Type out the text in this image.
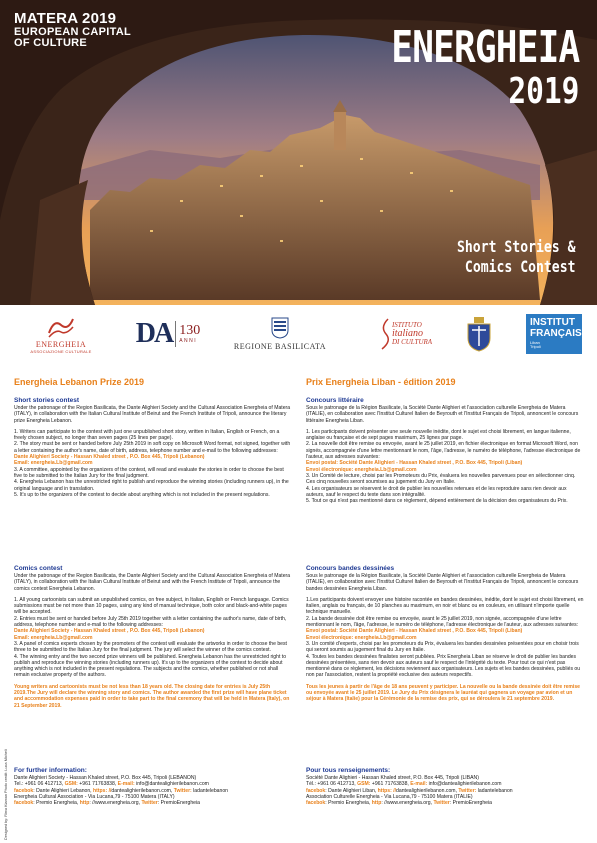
MATERA 2019
EUROPEAN CAPITAL
OF CULTURE	ENERGHEIA
2019
Short Stories &
Comics Contest
ENERGHEIA
ASSOCIAZIONE CULTURALE
DA 130
ANNI
REGIONE BASILICATA
ISTITUTO
italiano
DI CULTURA
INSTITUT
FRANÇAIS
Liban
Tripoli
Energheia Lebanon Prize 2019
Short stories contest
Under the patronage of the Region Basilicata, the Dante Alighieri Society and the Cultural Association Energheia of Matera (ITALY), in collaboration with the Italian Cultural Institute of Beirut and the French Institute of Tripoli, announce the literary prize Energheia Lebanon.
1. Writers can participate to the contest with just one unpublished short story, written in Italian, English or French, on a freely chosen subject, no longer than seven pages (25 lines per page).
2. The story must be sent or handed before July 25th 2019 in soft copy on Microsoft Word format, not signed, together with a letter containing the author's name, date of birth, address, telephone number and e-mail to the following addresses:
Dante Alighieri Society - Hassan Khaled street , P.O. Box 445, Tripoli (Lebanon)
Email: energheia.Lb@gmail.com
3. A committee, appointed by the organizers of the contest, will read and evaluate the stories in order to choose the best five to be submitted to the Italian Jury for the final judgment.
4. Energheia Lebanon has the unrestricted right to publish and reproduce the winning stories (including runners up), in the original language and in translation.
5. It's up to the organizers of the contest to decide about anything which is not included in the present regulations.
Comics contest
Under the patronage of the Region Basilicata, the Dante Alighieri Society and the Cultural Association Energheia of Matera (ITALY), in collaboration with the Italian Cultural Institute of Beirut and with the French Institute of Tripoli, announce the comics contest Energheia Lebanon.
1. All young cartoonists can submit an unpublished comics, on free subject, in Italian, English or French language. Comics submissions must be not more than 10 pages, using any kind of manual technique, both color and black-and-white pages will be accepted.
2. Entries must be sent or handed before July 25th 2019 together with a letter containing the author's name, date of birth, address, telephone number and e-mail to the following addresses:
Dante Alighieri Society - Hassan Khaled street , P.O. Box 445, Tripoli (Lebanon)
Email: energheia.Lb@gmail.com
3. A panel of comics experts chosen by the promoters of the contest will evaluate the artworks in order to choose the best three to be submitted to the Italian Jury for the final judgment. The jury will select the winner of the comics contest.
4. The winning entry and the two second prize winners will be published. Energheia Lebanon has the unrestricted right to publish and reproduce the winning stories (including runners up). It's up to the organizers of the contest to decide about anything which is not included in the present regulations. The subjects and the comics, whether published or not shall remain exclusive property of the authors.
Young writers and cartoonists must be not less than 18 years old. The closing date for entries is July 25th 2019.The Jury will declare the winning story and comics. The author awarded the first prize will have plane ticket and accommodation expenses paid in order to take part to the final ceremony that will be held in Matera (Italy), on 21 September 2019.
For further information:
Dante Alighieri Society - Hassan Khaled street, P.O. Box 445, Tripoli (LEBANON)
Tel.: +961 06 412713, GSM: +961 71763838, E-mail: info@dantealighierilebanon.com
facebok: Dante Alighieri Lebanon, https: //dantealighierilebanon.com, Twitter: ladantelebanon
Energheia Cultural Association - Via Lucana,79 - 75100 Matera (ITALY)
facebok: Premio Energheia, http: //www.energheia.org, Twitter: PremioEnergheia
Prix Energheia Liban - édition 2019
Concours littéraire
Sous le patronage de la Région Basilicate, la Société Dante Alighieri et l'association culturelle Energheia de Matera (ITALIE), en collaboration avec l'Institut Culturel Italien de Beyrouth et l'Institut Français de Tripoli, annoncent le concours littéraire Energheia Liban.
1. Les participants doivent présenter une seule nouvelle inédite, dont le sujet est choisi librement, en langue italienne, anglaise ou française et de sept pages maximum, 25 lignes par page.
2. La nouvelle doit être remise ou envoyée, avant le 25 juillet 2019, en fichier électronique en format Microsoft Word, non signés, accompagnée d'une lettre mentionnant le nom, l'âge, l'adresse, le numéro de téléphone, l'adresse électronique de l'auteur, aux adresses suivantes:
Envoi postal: Société Dante Alighieri - Hassan Khaled street , P.O. Box 445, Tripoli (Liban)
Envoi électronique: energheia.Lb@gmail.com
3. Un Comité de lecture, choisi par les Promoteurs du Prix, évaluera les nouvelles parvenues pour en sélectionner cinq. Ces cinq nouvelles seront soumises au jugement du Jury en Italie.
4. Les organisateurs se réservent le droit de publier les nouvelles retenues et de les reproduire sans rien devoir aux auteurs, sauf le respect du texte dans son intégralité.
5. Tout ce qui n'est pas mentionné dans ce règlement, dépend entièrement de la décision des organisateurs du Prix.
Concours bandes dessinées
Sous le patronage de la Région Basilicate, la Société Dante Alighieri et l'association culturelle Energheia de Matera (ITALIE), en collaboration avec l'Institut Culturel Italien de Beyrouth et l'Institut Français de Tripoli, annoncent le concours bandes dessinées Energheia Liban.
1.Les participants doivent envoyer une histoire racontée en bandes dessinées, inédite, dont le sujet est choisi librement, en italien, anglais ou français, de 10 planches au maximum, en noir et blanc ou en couleurs, en utilisant n'importe quelle technique manuelle.
2. La bande dessinée doit être remise ou envoyée, avant le 25 juillet 2019, non signée, accompagnée d'une lettre mentionnant le nom, l'âge, l'adresse, le numéro de téléphone, l'adresse électronique de l'auteur, aux adresses suivantes:
Envoi postal: Société Dante Alighieri - Hassan Khaled street , P.O. Box 445, Tripoli (Liban)
Envoi électronique: energheia.Lb@gmail.com
3. Un comité d'experts, choisi par les promoteurs du Prix, évaluera les bandes dessinées présentées pour en choisir trois qui seront soumis au jugement final du Jury en Italie.
4. Toutes les bandes dessinées finalistes seront publiées. Prix Energheia Liban se réserve le droit de publier les bandes dessinées présentées, sans rien devoir aux auteurs sauf le respect de l'intégrité du texte. Pour tout ce qui n'est pas mentionné dans ce règlement, les décisions reviennent aux organisateurs. Les sujets et les bandes dessinées, publiés ou non par l'association, restent la propriété exclusive des auteurs respectifs.
Tous les jeunes à partir de l'âge de 18 ans peuvent y participer. La nouvelle ou la bande dessinée doit être remise ou envoyée avant le 25 juillet 2019. Le Jury du Prix désignera le lauréat qui gagnera un voyage par avion et un séjour à Matera (Italie) pour la Cérémonie de la remise des prix, qui se déroulera le 21 septembre 2019.
Pour tous renseignements:
Société Dante Alighieri - Hassan Khaled street, P.O. Box 445, Tripoli (LIBAN)
Tél.: +961 06 412713, GSM: +961 71763838, E-mail: info@dantealighierilebanon.com
facebok: Dante Alighieri Liban, https: //dantealighierilebanon.com, Twitter: ladantelebanon
Association Culturelle Energheia - Via Lucana,79 - 75100 Matera (ITALIE)
facebok: Premio Energheia, http: //www.energheia.org, Twitter: PremioEnergheia
Designed by: Rima Kiaman Photo credit: Luca Micheli
